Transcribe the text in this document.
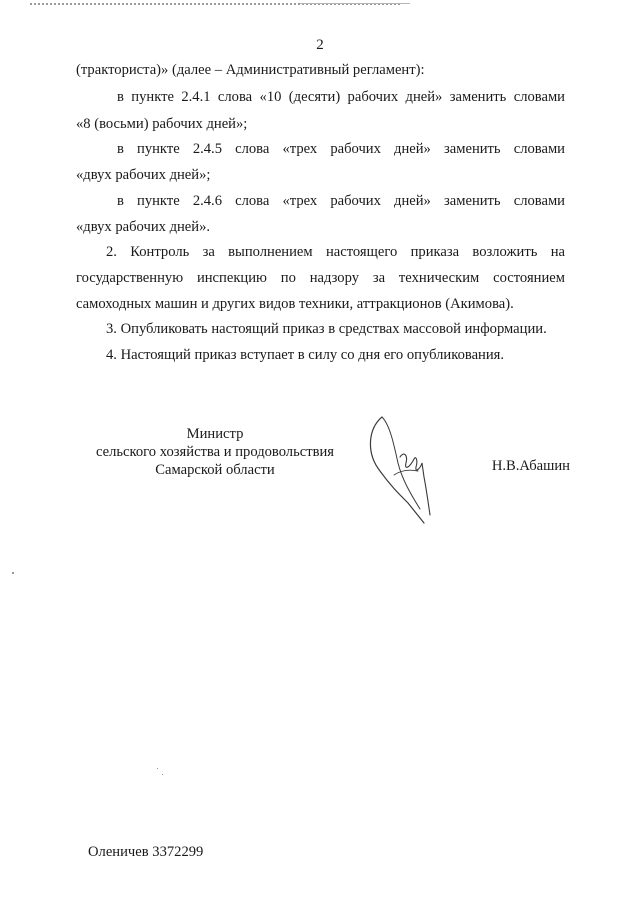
2
(тракториста)» (далее – Административный регламент):
в пункте 2.4.1 слова «10 (десяти) рабочих дней» заменить словами
«8 (восьми) рабочих дней»;
в пункте 2.4.5 слова «трех рабочих дней» заменить словами
«двух рабочих дней»;
в пункте 2.4.6 слова «трех рабочих дней» заменить словами
«двух рабочих дней».
2. Контроль за выполнением настоящего приказа возложить на
государственную инспекцию по надзору за техническим состоянием
самоходных машин и других видов техники, аттракционов (Акимова).
3. Опубликовать настоящий приказ в средствах массовой информации.
4. Настоящий приказ вступает в силу со дня его опубликования.
Министр
сельского хозяйства и продовольствия
Самарской области	Н.В.Абашин
Оленичев 3372299
